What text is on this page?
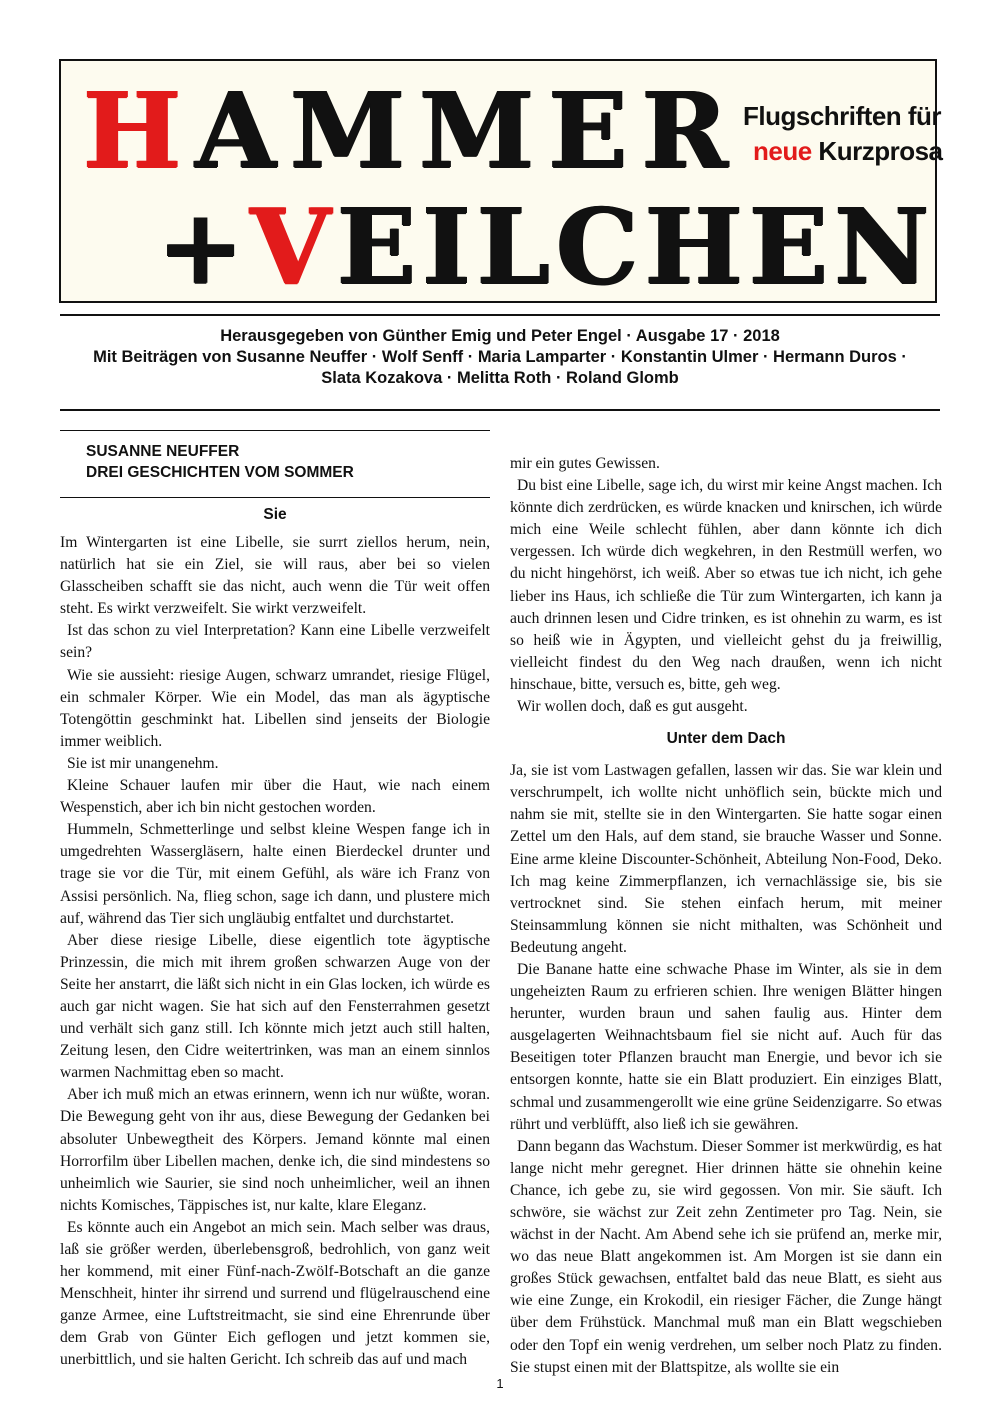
HAMMER
+VEILCHEN
Flugschriften für
neue Kurzprosa
Herausgegeben von Günther Emig und Peter Engel · Ausgabe 17 · 2018
Mit Beiträgen von Susanne Neuffer · Wolf Senff · Maria Lamparter · Konstantin Ulmer · Hermann Duros ·
Slata Kozakova · Melitta Roth · Roland Glomb
SUSANNE NEUFFER
DREI GESCHICHTEN VOM SOMMER
Sie

Im Wintergarten ist eine Libelle, sie surrt ziellos herum, nein, natürlich hat sie ein Ziel, sie will raus, aber bei so vielen Glasscheiben schafft sie das nicht, auch wenn die Tür weit offen steht. Es wirkt verzweifelt. Sie wirkt verzweifelt.

Ist das schon zu viel Interpretation? Kann eine Libelle verzweifelt sein?

Wie sie aussieht: riesige Augen, schwarz umrandet, riesige Flügel, ein schmaler Körper. Wie ein Model, das man als ägyptische Totengöttin geschminkt hat. Libellen sind jenseits der Biologie immer weiblich.

Sie ist mir unangenehm.

Kleine Schauer laufen mir über die Haut, wie nach einem Wespenstich, aber ich bin nicht gestochen worden.

Hummeln, Schmetterlinge und selbst kleine Wespen fange ich in umgedrehten Wassergläsern, halte einen Bierdeckel drunter und trage sie vor die Tür, mit einem Gefühl, als wäre ich Franz von Assisi persönlich. Na, flieg schon, sage ich dann, und plustere mich auf, während das Tier sich ungläubig entfaltet und durchstartet.

Aber diese riesige Libelle, diese eigentlich tote ägyptische Prinzessin, die mich mit ihrem großen schwarzen Auge von der Seite her anstarrt, die läßt sich nicht in ein Glas locken, ich würde es auch gar nicht wagen. Sie hat sich auf den Fensterrahmen gesetzt und verhält sich ganz still. Ich könnte mich jetzt auch still halten, Zeitung lesen, den Cidre weitertrinken, was man an einem sinnlos warmen Nachmittag eben so macht.

Aber ich muß mich an etwas erinnern, wenn ich nur wüßte, woran. Die Bewegung geht von ihr aus, diese Bewegung der Gedanken bei absoluter Unbewegtheit des Körpers. Jemand könnte mal einen Horrorfilm über Libellen machen, denke ich, die sind mindestens so unheimlich wie Saurier, sie sind noch unheimlicher, weil an ihnen nichts Komisches, Täppisches ist, nur kalte, klare Eleganz.

Es könnte auch ein Angebot an mich sein. Mach selber was draus, laß sie größer werden, überlebensgroß, bedrohlich, von ganz weit her kommend, mit einer Fünf-nach-Zwölf-Botschaft an die ganze Menschheit, hinter ihr sirrend und surrend und flügelrauschend eine ganze Armee, eine Luftstreitmacht, sie sind eine Ehrenrunde über dem Grab von Günter Eich geflogen und jetzt kommen sie, unerbittlich, und sie halten Gericht. Ich schreib das auf und mach

mir ein gutes Gewissen.

Du bist eine Libelle, sage ich, du wirst mir keine Angst machen. Ich könnte dich zerdrücken, es würde knacken und knirschen, ich würde mich eine Weile schlecht fühlen, aber dann könnte ich dich vergessen. Ich würde dich wegkehren, in den Restmüll werfen, wo du nicht hingehörst, ich weiß. Aber so etwas tue ich nicht, ich gehe lieber ins Haus, ich schließe die Tür zum Wintergarten, ich kann ja auch drinnen lesen und Cidre trinken, es ist ohnehin zu warm, es ist so heiß wie in Ägypten, und vielleicht gehst du ja freiwillig, vielleicht findest du den Weg nach draußen, wenn ich nicht hinschaue, bitte, versuch es, bitte, geh weg.

Wir wollen doch, daß es gut ausgeht.

Unter dem Dach

Ja, sie ist vom Lastwagen gefallen, lassen wir das. Sie war klein und verschrumpelt, ich wollte nicht unhöflich sein, bückte mich und nahm sie mit, stellte sie in den Wintergarten. Sie hatte sogar einen Zettel um den Hals, auf dem stand, sie brauche Wasser und Sonne. Eine arme kleine Discounter-Schönheit, Abteilung Non-Food, Deko. Ich mag keine Zimmerpflanzen, ich vernachlässige sie, bis sie vertrocknet sind. Sie stehen einfach herum, mit meiner Steinsammlung können sie nicht mithalten, was Schönheit und Bedeutung angeht.

Die Banane hatte eine schwache Phase im Winter, als sie in dem ungeheizten Raum zu erfrieren schien. Ihre wenigen Blätter hingen herunter, wurden braun und sahen faulig aus. Hinter dem ausgelagerten Weihnachtsbaum fiel sie nicht auf. Auch für das Beseitigen toter Pflanzen braucht man Energie, und bevor ich sie entsorgen konnte, hatte sie ein Blatt produziert. Ein einziges Blatt, schmal und zusammengerollt wie eine grüne Seidenzigarre. So etwas rührt und verblüfft, also ließ ich sie gewähren.

Dann begann das Wachstum. Dieser Sommer ist merkwürdig, es hat lange nicht mehr geregnet. Hier drinnen hätte sie ohnehin keine Chance, ich gebe zu, sie wird gegossen. Von mir. Sie säuft. Ich schwöre, sie wächst zur Zeit zehn Zentimeter pro Tag. Nein, sie wächst in der Nacht. Am Abend sehe ich sie prüfend an, merke mir, wo das neue Blatt angekommen ist. Am Morgen ist sie dann ein großes Stück gewachsen, entfaltet bald das neue Blatt, es sieht aus wie eine Zunge, ein Krokodil, ein riesiger Fächer, die Zunge hängt über dem Frühstück. Manchmal muß man ein Blatt wegschieben oder den Topf ein wenig verdrehen, um selber noch Platz zu finden. Sie stupst einen mit der Blattspitze, als wollte sie ein

1
